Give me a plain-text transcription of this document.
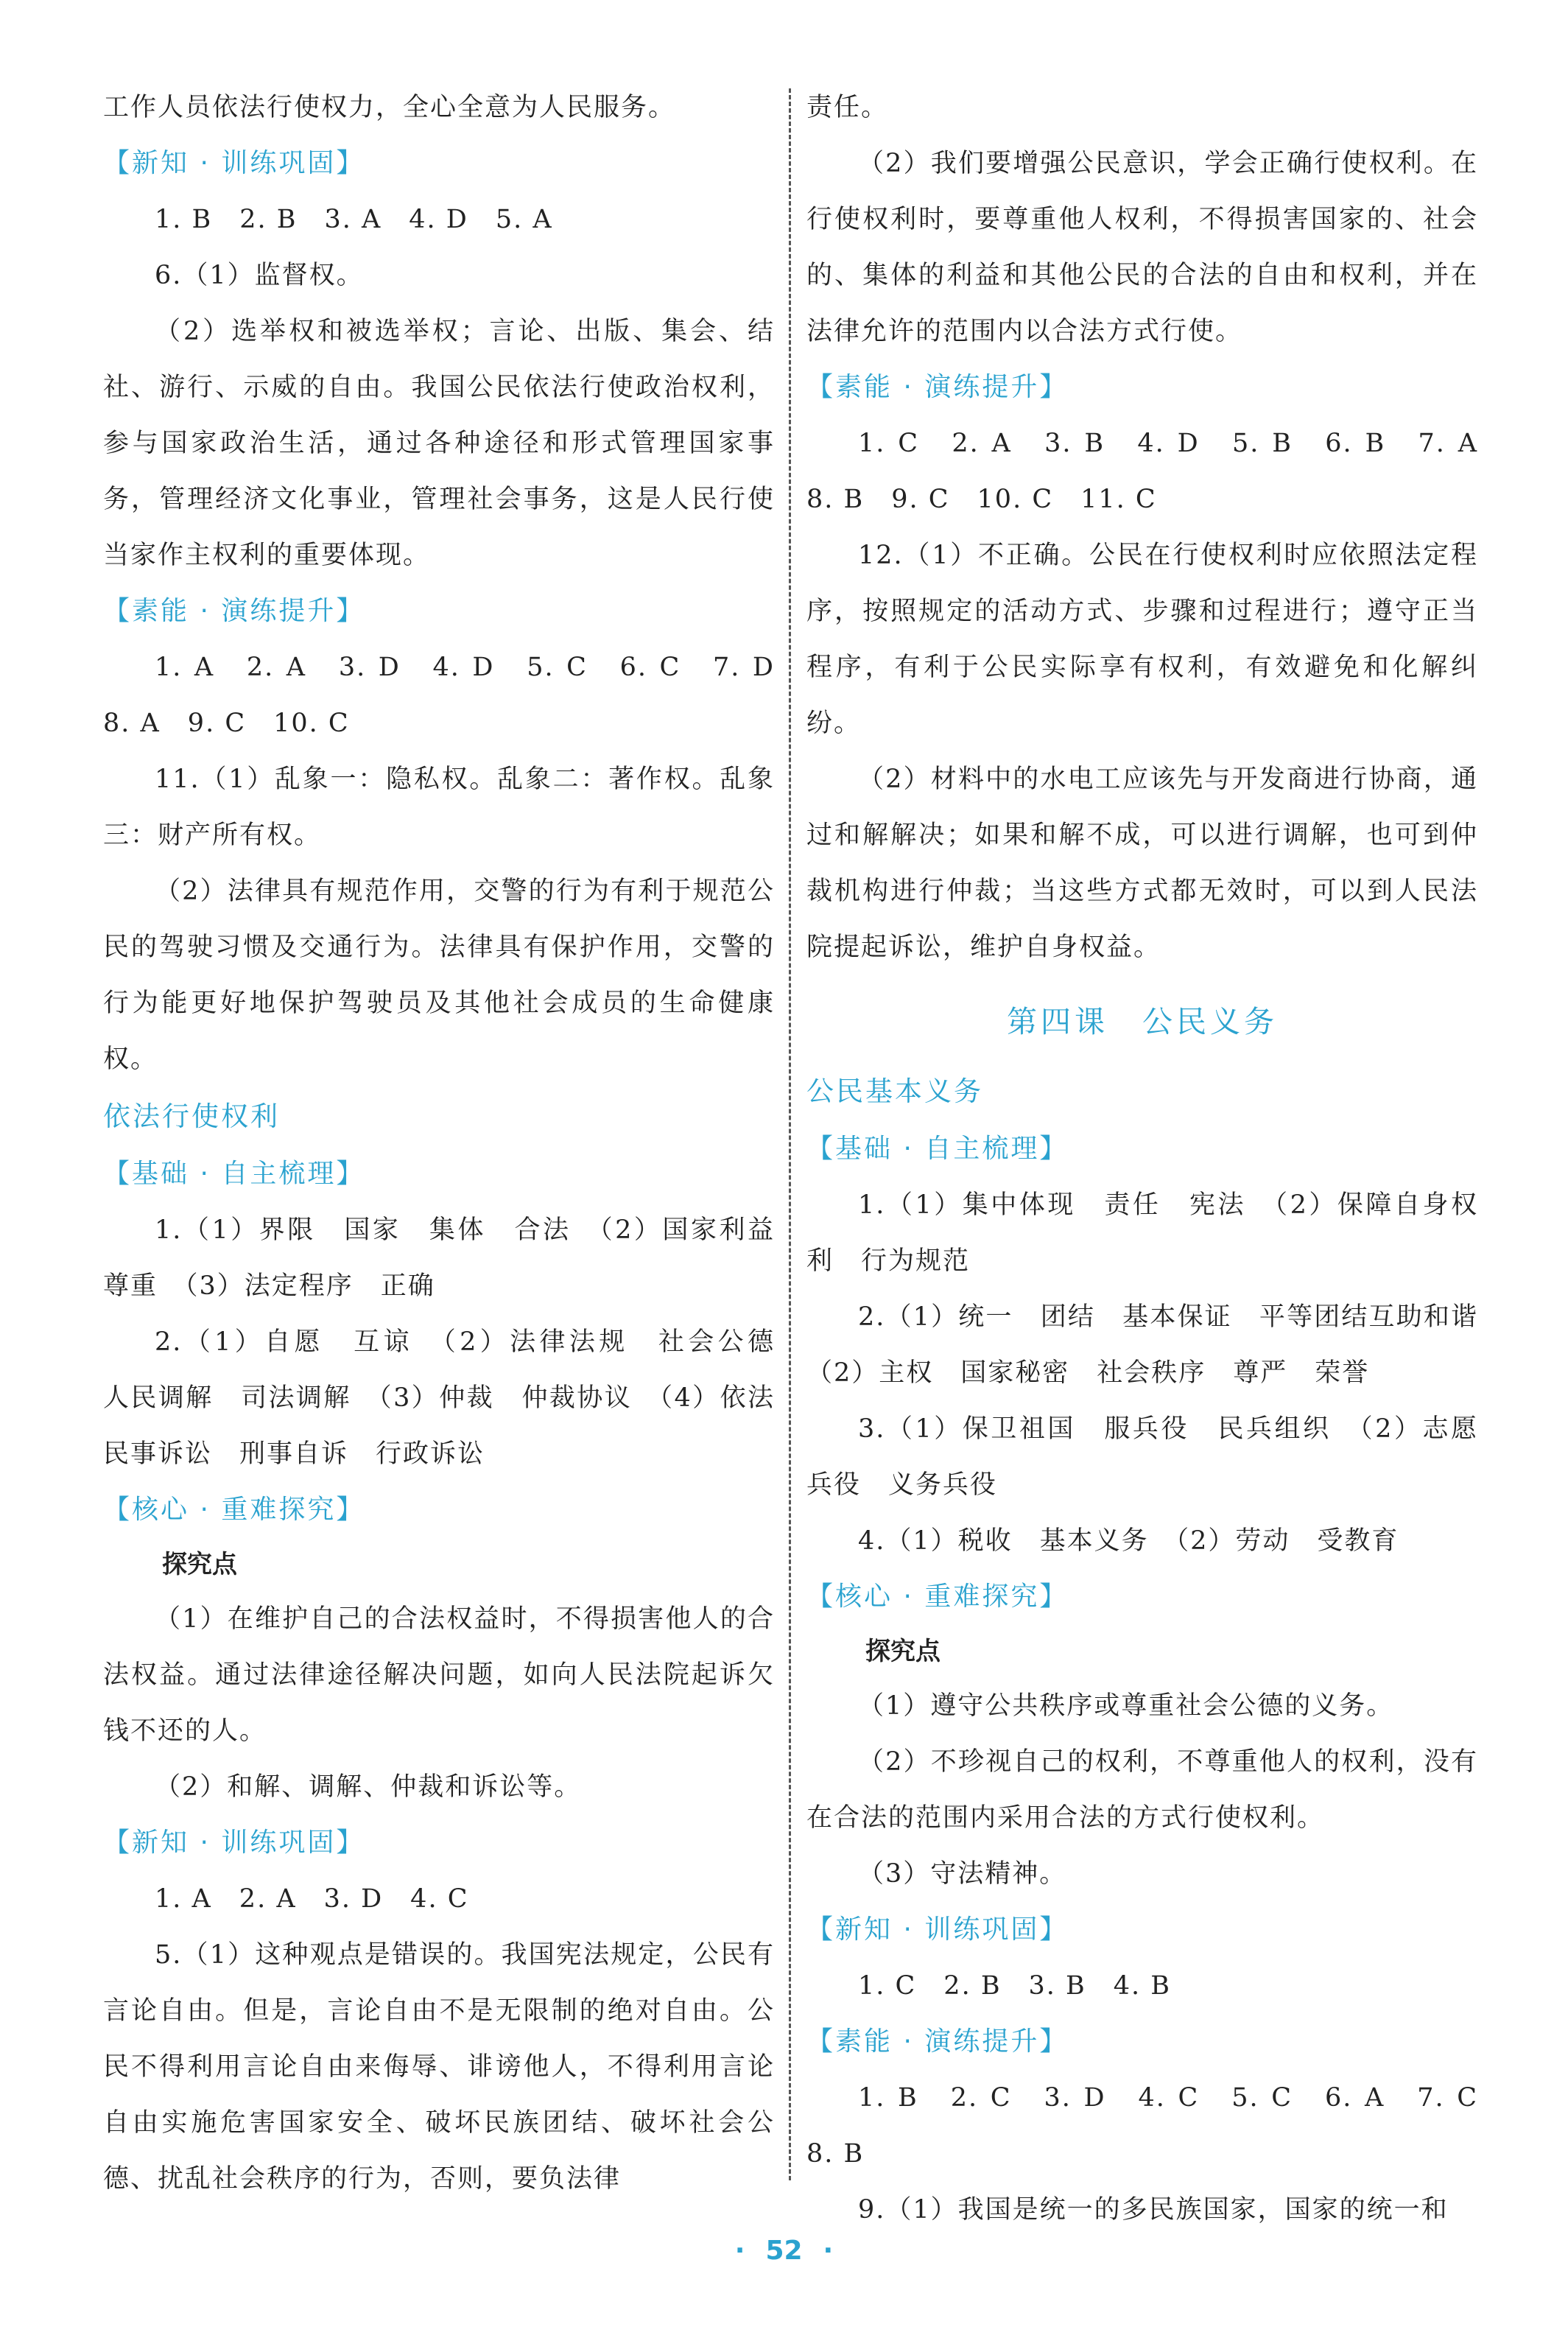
工作人员依法行使权力，全心全意为人民服务。

【新知 · 训练巩固】

1. B　2. B　3. A　4. D　5. A

6.（1）监督权。

（2）选举权和被选举权；言论、出版、集会、结社、游行、示威的自由。我国公民依法行使政治权利，参与国家政治生活，通过各种途径和形式管理国家事务，管理经济文化事业，管理社会事务，这是人民行使当家作主权利的重要体现。

【素能 · 演练提升】

1. A　2. A　3. D　4. D　5. C　6. C　7. D　8. A　9. C　10. C

11.（1）乱象一：隐私权。乱象二：著作权。乱象三：财产所有权。

（2）法律具有规范作用，交警的行为有利于规范公民的驾驶习惯及交通行为。法律具有保护作用，交警的行为能更好地保护驾驶员及其他社会成员的生命健康权。

依法行使权利

【基础 · 自主梳理】

1.（1）界限　国家　集体　合法　（2）国家利益　尊重　（3）法定程序　正确

2.（1）自愿　互谅　（2）法律法规　社会公德　人民调解　司法调解　（3）仲裁　仲裁协议　（4）依法　民事诉讼　刑事自诉　行政诉讼

【核心 · 重难探究】

探究点

（1）在维护自己的合法权益时，不得损害他人的合法权益。通过法律途径解决问题，如向人民法院起诉欠钱不还的人。

（2）和解、调解、仲裁和诉讼等。

【新知 · 训练巩固】

1. A　2. A　3. D　4. C

5.（1）这种观点是错误的。我国宪法规定，公民有言论自由。但是，言论自由不是无限制的绝对自由。公民不得利用言论自由来侮辱、诽谤他人，不得利用言论自由实施危害国家安全、破坏民族团结、破坏社会公德、扰乱社会秩序的行为，否则，要负法律

责任。

（2）我们要增强公民意识，学会正确行使权利。在行使权利时，要尊重他人权利，不得损害国家的、社会的、集体的利益和其他公民的合法的自由和权利，并在法律允许的范围内以合法方式行使。

【素能 · 演练提升】

1. C　2. A　3. B　4. D　5. B　6. B　7. A　8. B　9. C　10. C　11. C

12.（1）不正确。公民在行使权利时应依照法定程序，按照规定的活动方式、步骤和过程进行；遵守正当程序，有利于公民实际享有权利，有效避免和化解纠纷。

（2）材料中的水电工应该先与开发商进行协商，通过和解解决；如果和解不成，可以进行调解，也可到仲裁机构进行仲裁；当这些方式都无效时，可以到人民法院提起诉讼，维护自身权益。

第四课　公民义务

公民基本义务

【基础 · 自主梳理】

1.（1）集中体现　责任　宪法　（2）保障自身权利　行为规范

2.（1）统一　团结　基本保证　平等团结互助和谐　（2）主权　国家秘密　社会秩序　尊严　荣誉

3.（1）保卫祖国　服兵役　民兵组织　（2）志愿兵役　义务兵役

4.（1）税收　基本义务　（2）劳动　受教育

【核心 · 重难探究】

探究点

（1）遵守公共秩序或尊重社会公德的义务。

（2）不珍视自己的权利，不尊重他人的权利，没有在合法的范围内采用合法的方式行使权利。

（3）守法精神。

【新知 · 训练巩固】

1. C　2. B　3. B　4. B

【素能 · 演练提升】

1. B　2. C　3. D　4. C　5. C　6. A　7. C　8. B

9.（1）我国是统一的多民族国家，国家的统一和

· 52 ·
